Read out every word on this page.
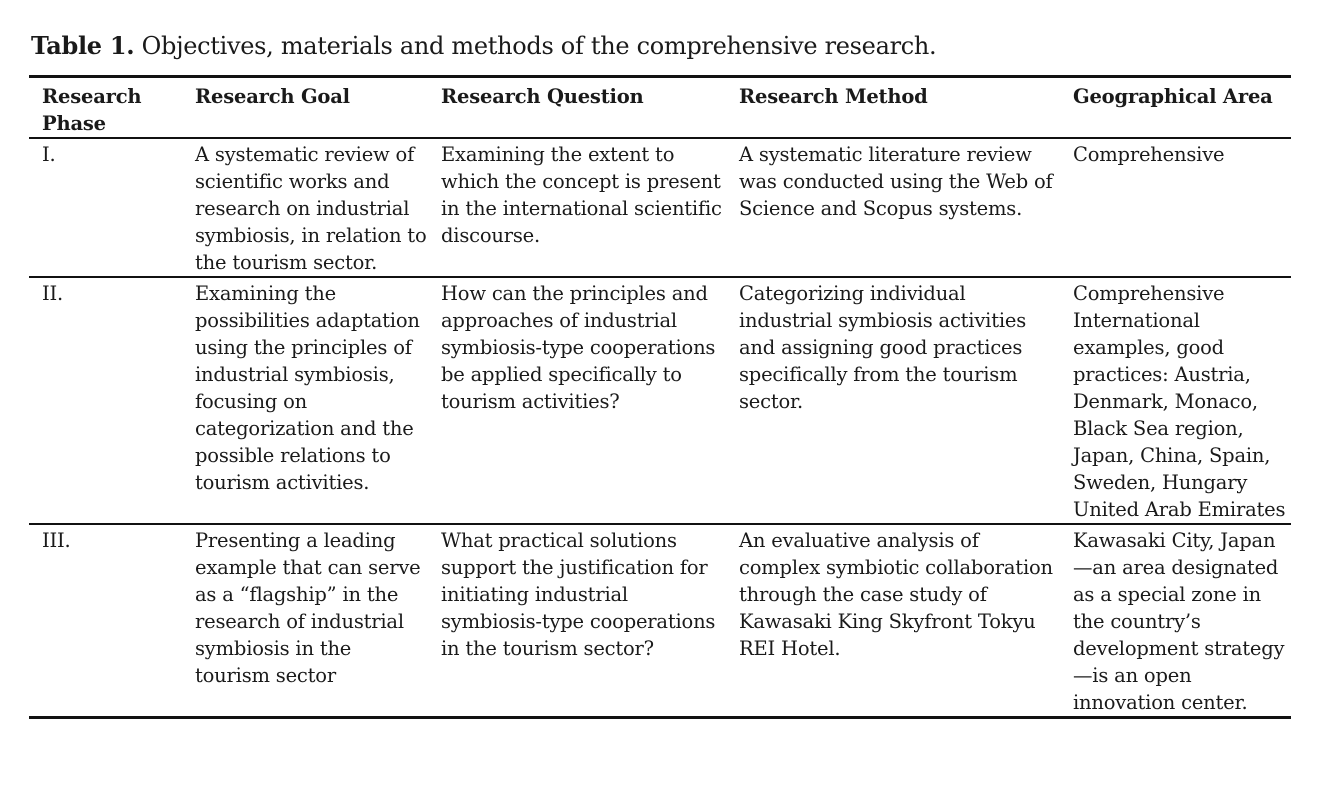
Table 1. Objectives, materials and methods of the comprehensive research.
Research Phase	Research Goal	Research Question	Research Method	Geographical Area
I.	A systematic review of scientific works and research on industrial symbiosis, in relation to the tourism sector.	Examining the extent to which the concept is present in the international scientific discourse.	A systematic literature review was conducted using the Web of Science and Scopus systems.	Comprehensive
II.	Examining the possibilities adaptation using the principles of industrial symbiosis, focusing on categorization and the possible relations to tourism activities.	How can the principles and approaches of industrial symbiosis-type cooperations be applied specifically to tourism activities?	Categorizing individual industrial symbiosis activities and assigning good practices specifically from the tourism sector.	Comprehensive International examples, good practices: Austria, Denmark, Monaco, Black Sea region, Japan, China, Spain, Sweden, Hungary United Arab Emirates
III.	Presenting a leading example that can serve as a “flagship” in the research of industrial symbiosis in the tourism sector	What practical solutions support the justification for initiating industrial symbiosis-type cooperations in the tourism sector?	An evaluative analysis of complex symbiotic collaboration through the case study of Kawasaki King Skyfront Tokyu REI Hotel.	Kawasaki City, Japan—an area designated as a special zone in the country’s development strategy—is an open innovation center.
